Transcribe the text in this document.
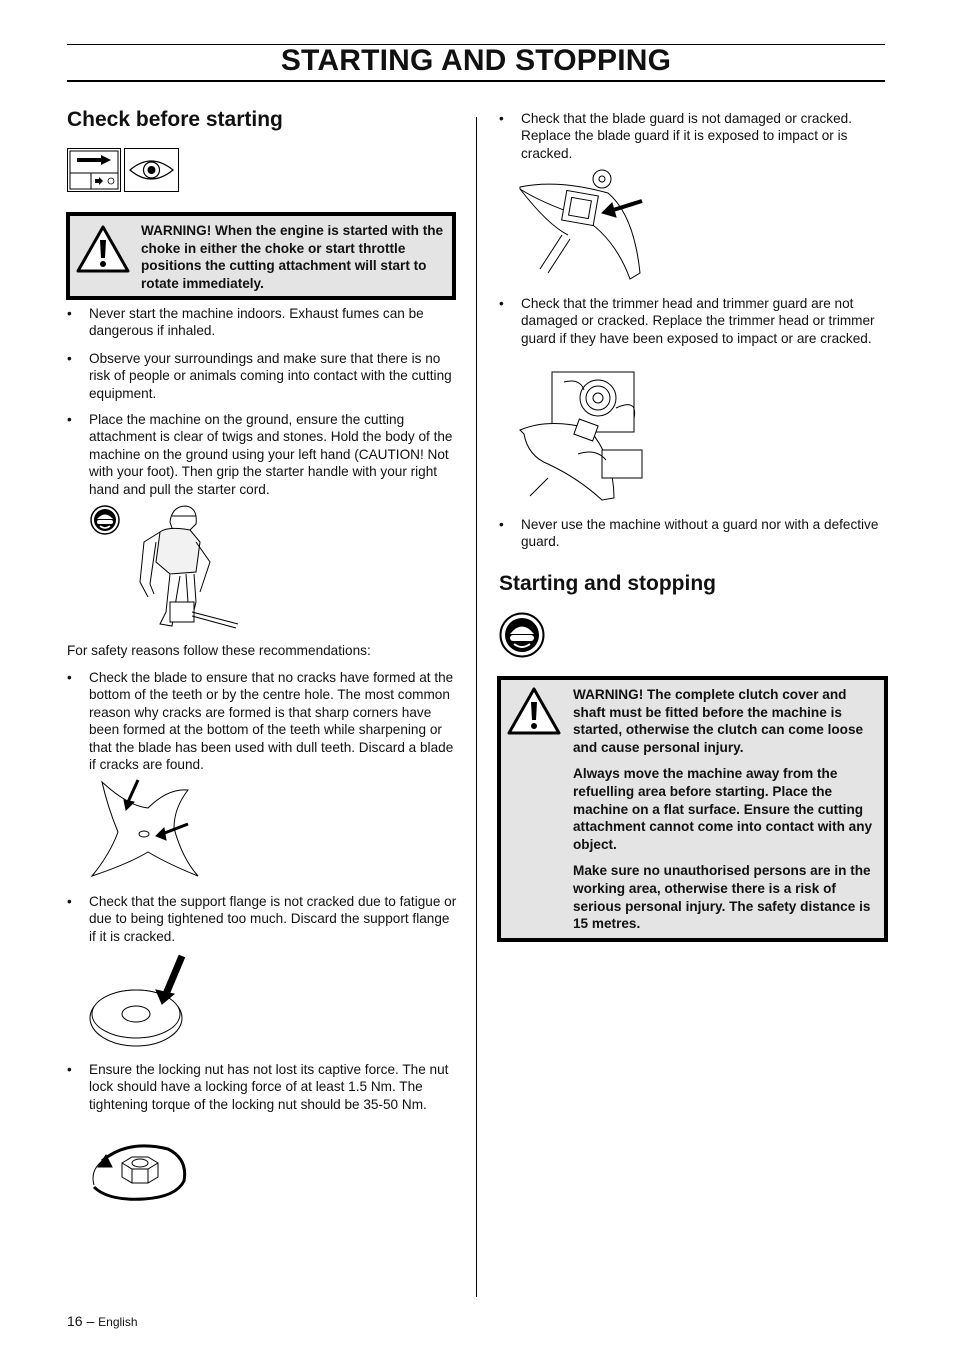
STARTING AND STOPPING
Check before starting

WARNING! When the engine is started with the choke in either the choke or start throttle positions the cutting attachment will start to rotate immediately.

•	Never start the machine indoors. Exhaust fumes can be dangerous if inhaled.
•	Observe your surroundings and make sure that there is no risk of people or animals coming into contact with the cutting equipment.
•	Place the machine on the ground, ensure the cutting attachment is clear of twigs and stones. Hold the body of the machine on the ground using your left hand (CAUTION! Not with your foot). Then grip the starter handle with your right hand and pull the starter cord.

For safety reasons follow these recommendations:

•	Check the blade to ensure that no cracks have formed at the bottom of the teeth or by the centre hole. The most common reason why cracks are formed is that sharp corners have been formed at the bottom of the teeth while sharpening or that the blade has been used with dull teeth. Discard a blade if cracks are found.
•	Check that the support flange is not cracked due to fatigue or due to being tightened too much. Discard the support flange if it is cracked.
•	Ensure the locking nut has not lost its captive force. The nut lock should have a locking force of at least 1.5 Nm. The tightening torque of the locking nut should be 35-50 Nm.
•	Check that the blade guard is not damaged or cracked. Replace the blade guard if it is exposed to impact or is cracked.
•	Check that the trimmer head and trimmer guard are not damaged or cracked. Replace the trimmer head or trimmer guard if they have been exposed to impact or are cracked.
•	Never use the machine without a guard nor with a defective guard.
Starting and stopping

WARNING! The complete clutch cover and shaft must be fitted before the machine is started, otherwise the clutch can come loose and cause personal injury.

Always move the machine away from the refuelling area before starting. Place the machine on a flat surface. Ensure the cutting attachment cannot come into contact with any object.

Make sure no unauthorised persons are in the working area, otherwise there is a risk of serious personal injury. The safety distance is 15 metres.

16 – English
